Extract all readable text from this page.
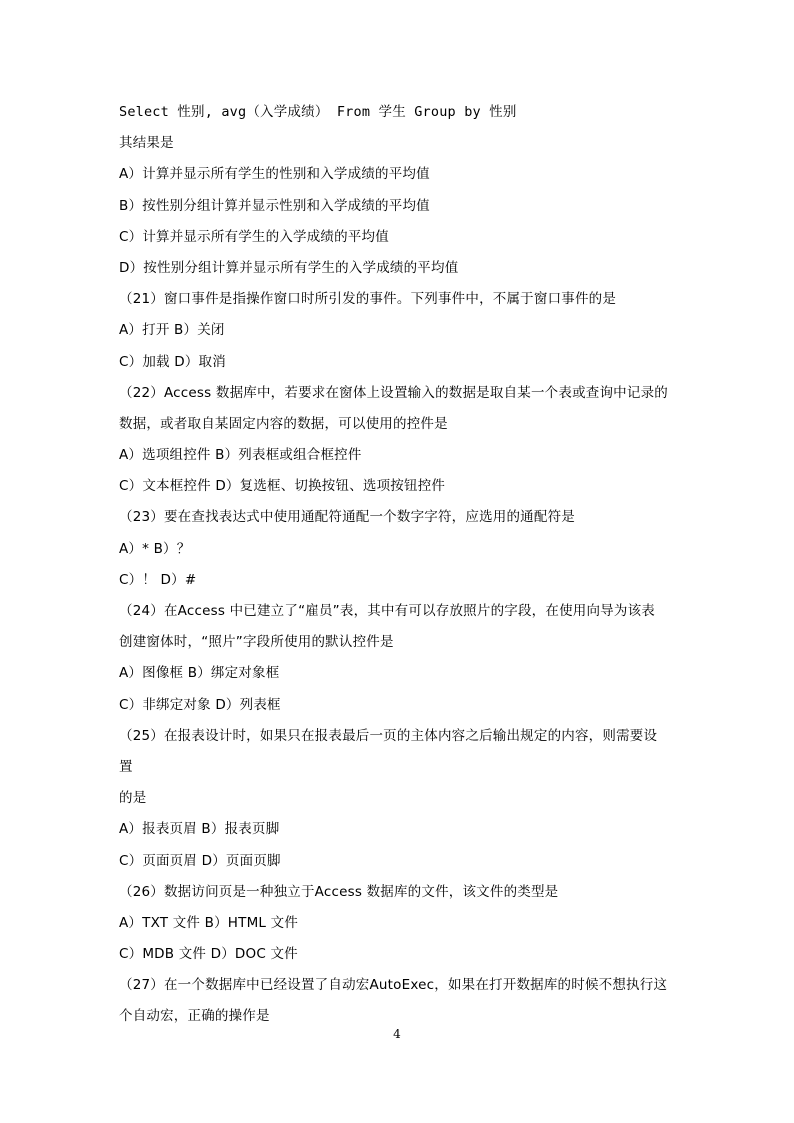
Select 性别, avg（入学成绩） From 学生 Group by 性别
其结果是
A）计算并显示所有学生的性别和入学成绩的平均值
B）按性别分组计算并显示性别和入学成绩的平均值
C）计算并显示所有学生的入学成绩的平均值
D）按性别分组计算并显示所有学生的入学成绩的平均值
（21）窗口事件是指操作窗口时所引发的事件。下列事件中，不属于窗口事件的是
A）打开 B）关闭
C）加载 D）取消
（22）Access 数据库中，若要求在窗体上设置输入的数据是取自某一个表或查询中记录的
数据，或者取自某固定内容的数据，可以使用的控件是
A）选项组控件 B）列表框或组合框控件
C）文本框控件 D）复选框、切换按钮、选项按钮控件
（23）要在查找表达式中使用通配符通配一个数字字符，应选用的通配符是
A）* B）？
C）！ D）#
（24）在Access 中已建立了“雇员”表，其中有可以存放照片的字段，在使用向导为该表
创建窗体时，“照片”字段所使用的默认控件是
A）图像框 B）绑定对象框
C）非绑定对象 D）列表框
（25）在报表设计时，如果只在报表最后一页的主体内容之后输出规定的内容，则需要设
置
的是
A）报表页眉 B）报表页脚
C）页面页眉 D）页面页脚
（26）数据访问页是一种独立于Access 数据库的文件，该文件的类型是
A）TXT 文件 B）HTML 文件
C）MDB 文件 D）DOC 文件
（27）在一个数据库中已经设置了自动宏AutoExec，如果在打开数据库的时候不想执行这
个自动宏，正确的操作是
4
